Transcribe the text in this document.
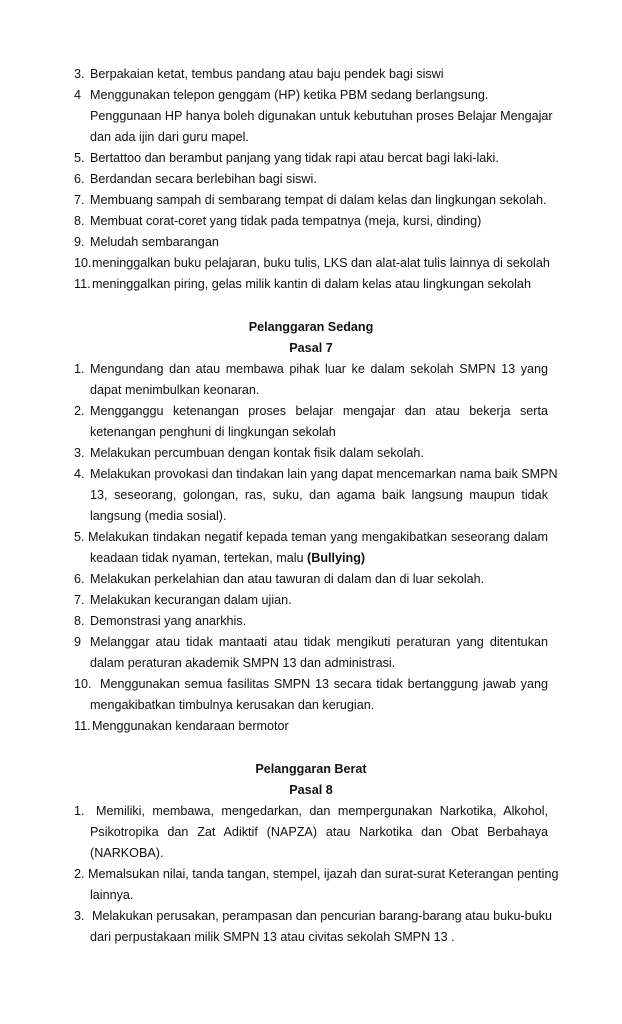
3. Berpakaian ketat, tembus pandang atau baju pendek bagi siswi
4 Menggunakan telepon genggam (HP) ketika PBM sedang berlangsung.
Penggunaan HP hanya boleh digunakan untuk kebutuhan proses Belajar Mengajar
dan ada ijin dari guru mapel.
5. Bertattoo dan berambut panjang yang tidak rapi atau bercat bagi laki-laki.
6. Berdandan secara berlebihan bagi siswi.
7. Membuang sampah di sembarang tempat di dalam kelas dan lingkungan sekolah.
8. Membuat corat-coret yang tidak pada tempatnya (meja, kursi, dinding)
9. Meludah sembarangan
10. meninggalkan buku pelajaran, buku tulis, LKS dan alat-alat tulis lainnya di sekolah
11. meninggalkan piring, gelas milik kantin di dalam kelas atau lingkungan sekolah
Pelanggaran Sedang
Pasal 7
1. Mengundang dan atau membawa pihak luar ke dalam sekolah SMPN 13 yang
dapat menimbulkan keonaran.
2. Mengganggu ketenangan proses belajar mengajar dan atau bekerja serta
ketenangan penghuni di lingkungan sekolah
3. Melakukan percumbuan dengan kontak fisik dalam sekolah.
4. Melakukan provokasi dan tindakan lain yang dapat mencemarkan nama baik SMPN
13, seseorang, golongan, ras, suku, dan agama baik langsung maupun tidak
langsung (media sosial).
5. Melakukan tindakan negatif kepada teman yang mengakibatkan seseorang dalam
keadaan tidak nyaman, tertekan, malu (Bullying)
6. Melakukan perkelahian dan atau tawuran di dalam dan di luar sekolah.
7. Melakukan kecurangan dalam ujian.
8. Demonstrasi yang anarkhis.
9 Melanggar atau tidak mantaati atau tidak mengikuti peraturan yang ditentukan
dalam peraturan akademik SMPN 13 dan administrasi.
10. Menggunakan semua fasilitas SMPN 13 secara tidak bertanggung jawab yang
mengakibatkan timbulnya kerusakan dan kerugian.
11. Menggunakan kendaraan bermotor
Pelanggaran Berat
Pasal 8
1. Memiliki, membawa, mengedarkan, dan mempergunakan Narkotika, Alkohol,
Psikotropika dan Zat Adiktif (NAPZA) atau Narkotika dan Obat Berbahaya
(NARKOBA).
2. Memalsukan nilai, tanda tangan, stempel, ijazah dan surat-surat Keterangan penting
lainnya.
3. Melakukan perusakan, perampasan dan pencurian barang-barang atau buku-buku
dari perpustakaan milik SMPN 13 atau civitas sekolah SMPN 13 .
